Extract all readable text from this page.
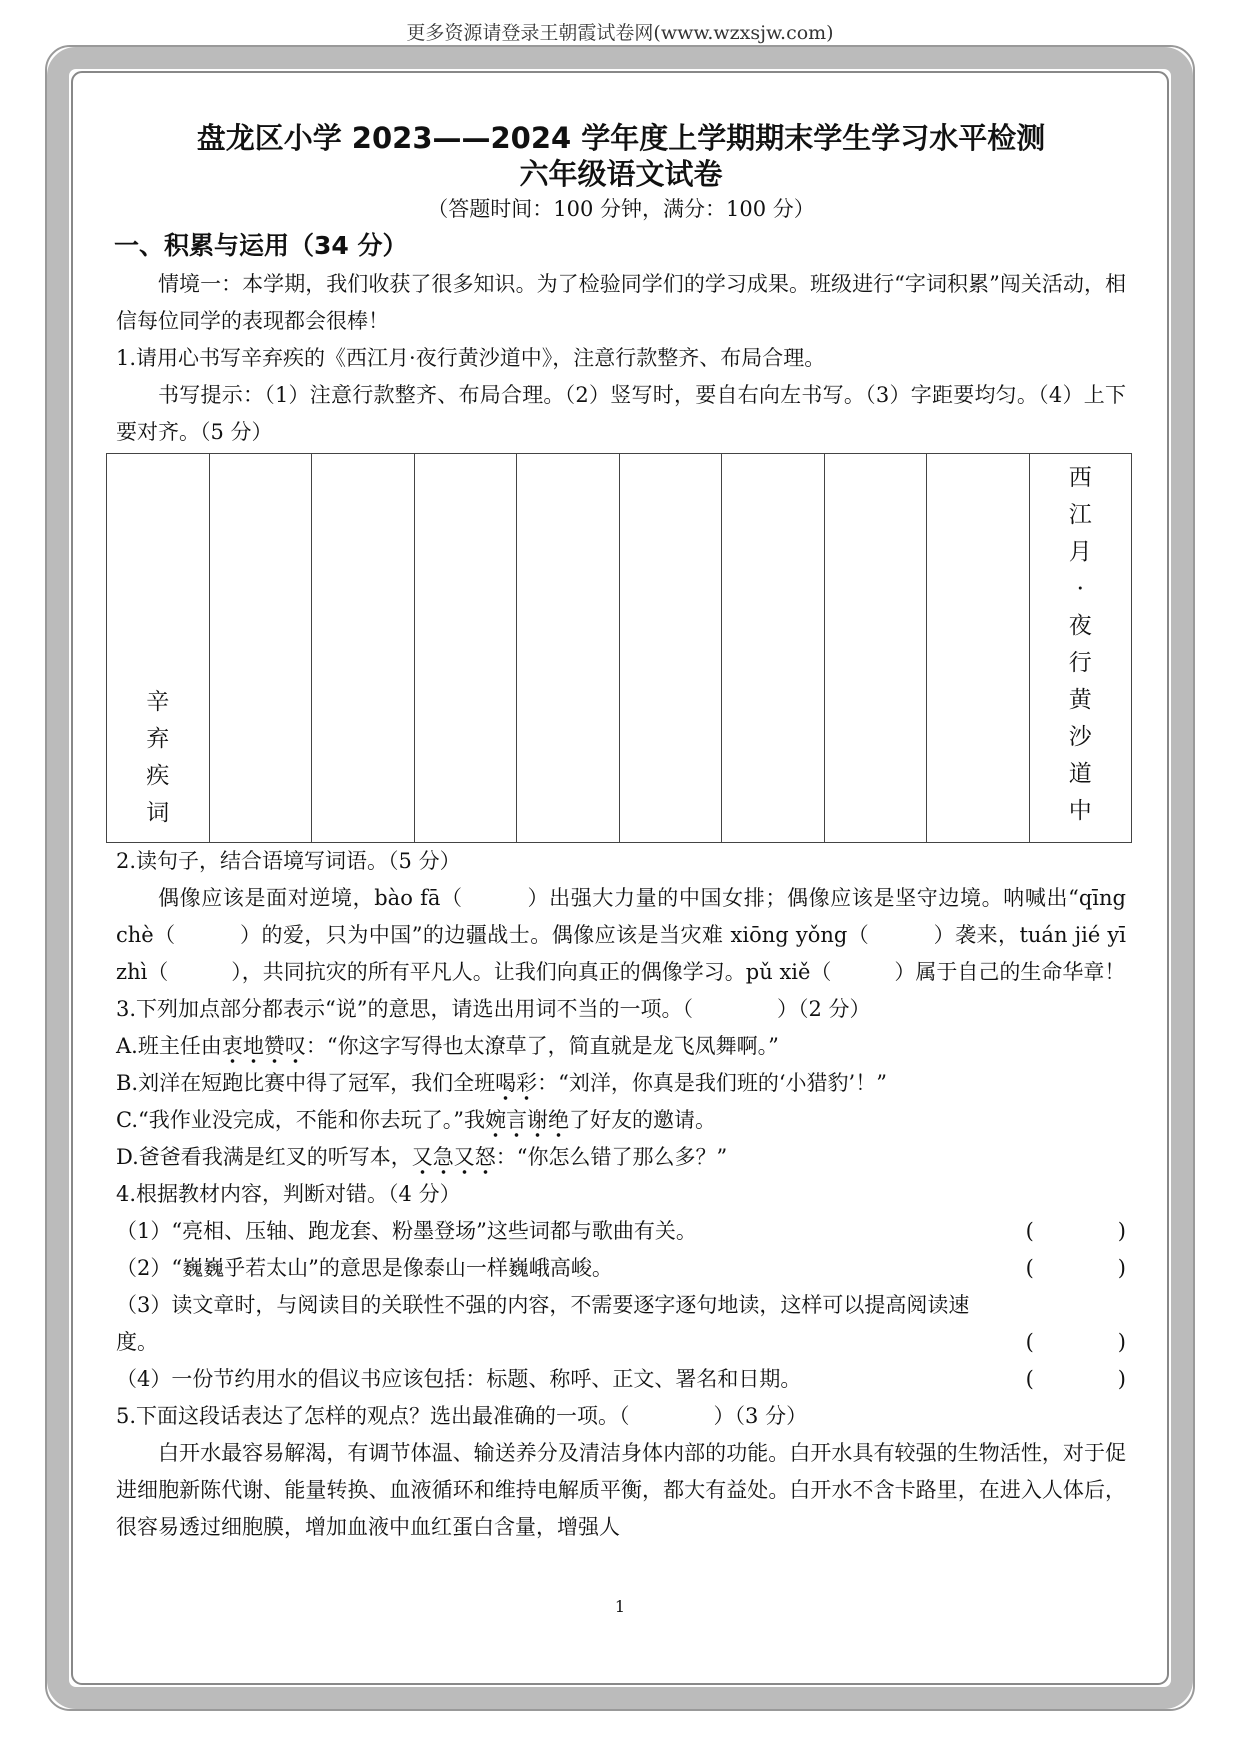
更多资源请登录王朝霞试卷网(www.wzxsjw.com)
盘龙区小学 2023——2024 学年度上学期期末学生学习水平检测
六年级语文试卷
（答题时间：100 分钟，满分：100 分）
一、积累与运用（34 分）

情境一：本学期，我们收获了很多知识。为了检验同学们的学习成果。班级进行“字词积累”闯关活动，相信每位同学的表现都会很棒！

1.请用心书写辛弃疾的《西江月·夜行黄沙道中》，注意行款整齐、布局合理。

书写提示：（1）注意行款整齐、布局合理。（2）竖写时，要自右向左书写。（3）字距要均匀。（4）上下要对齐。（5 分）

辛
弃
疾
词
西
江
月
·
夜
行
黄
沙
道
中

2.读句子，结合语境写词语。（5 分）

偶像应该是面对逆境，bào fā（　　　）出强大力量的中国女排；偶像应该是坚守边境。呐喊出“qīng chè（　　　）的爱，只为中国”的边疆战士。偶像应该是当灾难 xiōng yǒng（　　　）袭来，tuán jié yī zhì（　　　），共同抗灾的所有平凡人。让我们向真正的偶像学习。pǔ xiě（　　　）属于自己的生命华章！

3.下列加点部分都表示“说”的意思，请选出用词不当的一项。（　　　　）（2 分）

A.班主任由衷地赞叹：“你这字写得也太潦草了，简直就是龙飞凤舞啊。”

B.刘洋在短跑比赛中得了冠军，我们全班喝彩：“刘洋，你真是我们班的‘小猎豹’！”

C.“我作业没完成，不能和你去玩了。”我婉言谢绝了好友的邀请。

D.爸爸看我满是红叉的听写本，又急又怒：“你怎么错了那么多？”

4.根据教材内容，判断对错。（4 分）

（1）“亮相、压轴、跑龙套、粉墨登场”这些词都与歌曲有关。	(　　　　)
（2）“巍巍乎若太山”的意思是像泰山一样巍峨高峻。	(　　　　)
（3）读文章时，与阅读目的关联性不强的内容，不需要逐字逐句地读，这样可以提高阅读速
度。	(　　　　)
（4）一份节约用水的倡议书应该包括：标题、称呼、正文、署名和日期。	(　　　　)

5.下面这段话表达了怎样的观点？选出最准确的一项。（　　　　）（3 分）

白开水最容易解渴，有调节体温、输送养分及清洁身体内部的功能。白开水具有较强的生物活性，对于促进细胞新陈代谢、能量转换、血液循环和维持电解质平衡，都大有益处。白开水不含卡路里，在进入人体后，很容易透过细胞膜，增加血液中血红蛋白含量，增强人

1
